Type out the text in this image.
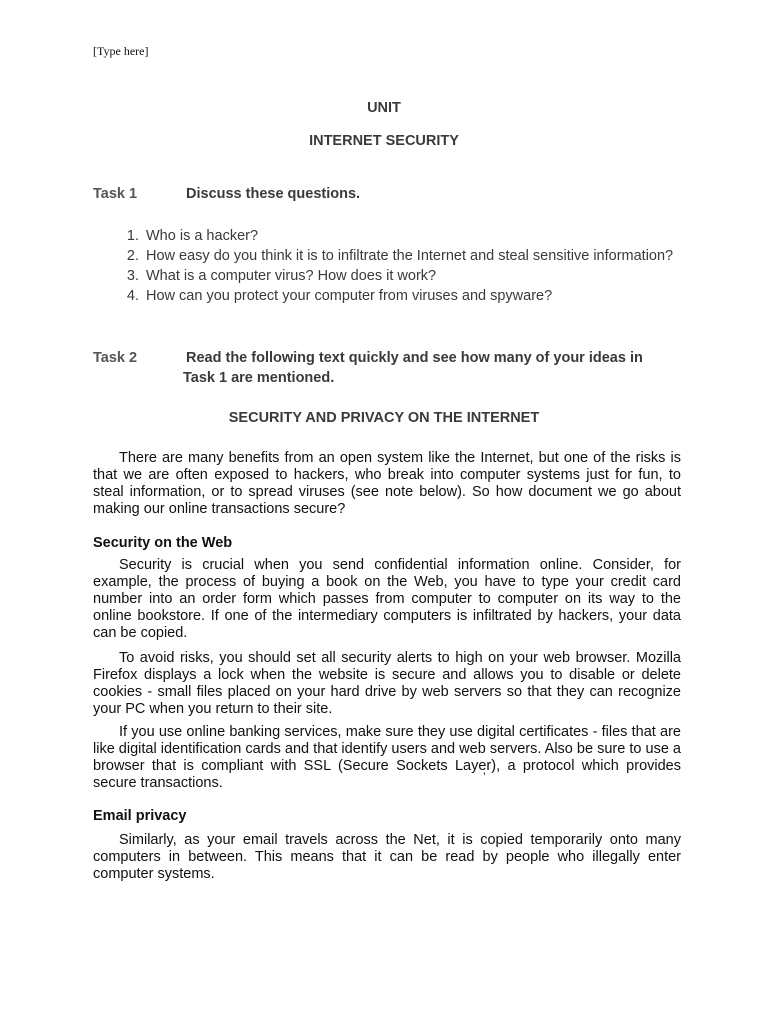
[Type here]
UNIT
INTERNET SECURITY
Task 1	Discuss these questions.
1. Who is a hacker?
2. How easy do you think it is to infiltrate the Internet and steal sensitive information?
3. What is a computer virus? How does it work?
4. How can you protect your computer from viruses and spyware?
Task 2	Read the following text quickly and see how many of your ideas in
Task 1 are mentioned.
SECURITY AND PRIVACY ON THE INTERNET

There are many benefits from an open system like the Internet, but one of the risks is that we are often exposed to hackers, who break into computer systems just for fun, to steal information, or to spread viruses (see note below). So how document we go about making our online transactions secure?

Security on the Web

Security is crucial when you send confidential information online. Consider, for example, the process of buying a book on the Web, you have to type your credit card number into an order form which passes from computer to computer on its way to the online bookstore. If one of the intermediary computers is infiltrated by hackers, your data can be copied.

To avoid risks, you should set all security alerts to high on your web browser. Mozilla Firefox displays a lock when the website is secure and allows you to disable or delete cookies - small files placed on your hard drive by web servers so that they can recognize your PC when you return to their site.

If you use online banking services, make sure they use digital certificates - files that are like digital identification cards and that identify users and web servers. Also be sure to use a browser that is compliant with SSL (Secure Sockets Layer), a protocol which provides secure transactions.	’
Email privacy

Similarly, as your email travels across the Net, it is copied temporarily onto many computers in between. This means that it can be read by people who illegally enter computer systems.
